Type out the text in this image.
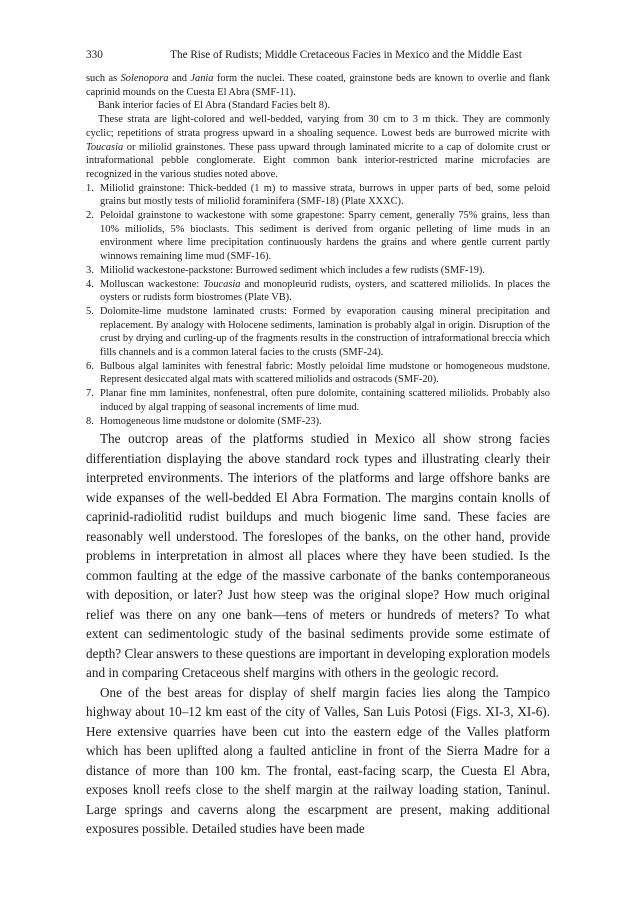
330	The Rise of Rudists; Middle Cretaceous Facies in Mexico and the Middle East

such as Solenopora and Jania form the nuclei. These coated, grainstone beds are known to overlie and flank caprinid mounds on the Cuesta El Abra (SMF-11).

Bank interior facies of El Abra (Standard Facies belt 8).

These strata are light-colored and well-bedded, varying from 30 cm to 3 m thick. They are commonly cyclic; repetitions of strata progress upward in a shoaling sequence. Lowest beds are burrowed micrite with Toucasia or miliolid grainstones. These pass upward through laminated micrite to a cap of dolomite crust or intraformational pebble conglomerate. Eight common bank interior-restricted marine microfacies are recognized in the various studies noted above.

1. Miliolid grainstone: Thick-bedded (1 m) to massive strata, burrows in upper parts of bed, some peloid grains but mostly tests of miliolid foraminifera (SMF-18) (Plate XXXC).
2. Peloidal grainstone to wackestone with some grapestone: Sparry cement, generally 75% grains, less than 10% miliolids, 5% bioclasts. This sediment is derived from organic pelleting of lime muds in an environment where lime precipitation continuously hardens the grains and where gentle current partly winnows remaining lime mud (SMF-16).
3. Miliolid wackestone-packstone: Burrowed sediment which includes a few rudists (SMF-19).
4. Molluscan wackestone: Toucasia and monopleurid rudists, oysters, and scattered miliolids. In places the oysters or rudists form biostromes (Plate VB).
5. Dolomite-lime mudstone laminated crusts: Formed by evaporation causing mineral precipitation and replacement. By analogy with Holocene sediments, lamination is probably algal in origin. Disruption of the crust by drying and curling-up of the fragments results in the construction of intraformational breccia which fills channels and is a common lateral facies to the crusts (SMF-24).
6. Bulbous algal laminites with fenestral fabric: Mostly peloidal lime mudstone or homogeneous mudstone. Represent desiccated algal mats with scattered miliolids and ostracods (SMF-20).
7. Planar fine mm laminites, nonfenestral, often pure dolomite, containing scattered miliolids. Probably also induced by algal trapping of seasonal increments of lime mud.
8. Homogeneous lime mudstone or dolomite (SMF-23).

The outcrop areas of the platforms studied in Mexico all show strong facies differentiation displaying the above standard rock types and illustrating clearly their interpreted environments. The interiors of the platforms and large offshore banks are wide expanses of the well-bedded El Abra Formation. The margins contain knolls of caprinid-radiolitid rudist buildups and much biogenic lime sand. These facies are reasonably well understood. The foreslopes of the banks, on the other hand, provide problems in interpretation in almost all places where they have been studied. Is the common faulting at the edge of the massive carbonate of the banks contemporaneous with deposition, or later? Just how steep was the original slope? How much original relief was there on any one bank—tens of meters or hundreds of meters? To what extent can sedimentologic study of the basinal sediments provide some estimate of depth? Clear answers to these questions are important in developing exploration models and in comparing Cretaceous shelf margins with others in the geologic record.

One of the best areas for display of shelf margin facies lies along the Tampico highway about 10–12 km east of the city of Valles, San Luis Potosi (Figs. XI-3, XI-6). Here extensive quarries have been cut into the eastern edge of the Valles platform which has been uplifted along a faulted anticline in front of the Sierra Madre for a distance of more than 100 km. The frontal, east-facing scarp, the Cuesta El Abra, exposes knoll reefs close to the shelf margin at the railway loading station, Taninul. Large springs and caverns along the escarpment are present, making additional exposures possible. Detailed studies have been made
